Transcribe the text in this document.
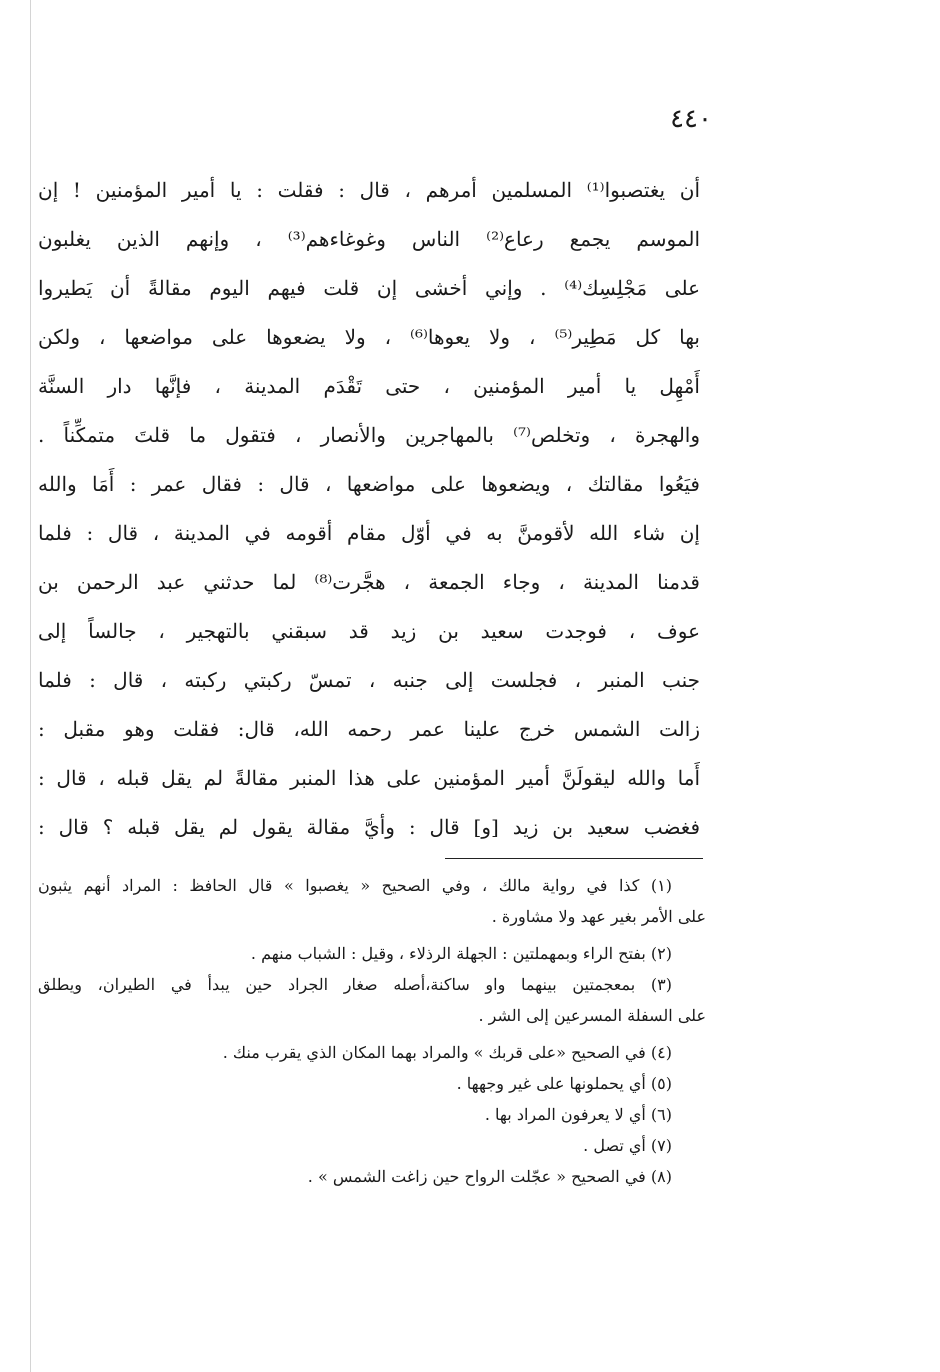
٤٤٠
أن يغتصبوا⁽¹⁾ المسلمين أمرهم ، قال : فقلت : يا أمير المؤمنين ! إن
الموسم يجمع رعاع⁽²⁾ الناس وغوغاءهم⁽³⁾ ، وإنهم الذين يغلبون
على مَجْلِسِك⁽⁴⁾ . وإني أخشى إن قلت فيهم اليوم مقالةً أن يَطيروا
بها كل مَطِير⁽⁵⁾ ، ولا يعوها⁽⁶⁾ ، ولا يضعوها على مواضعها ، ولكن
أَمْهِل يا أمير المؤمنين ، حتى تَقْدَم المدينة ، فإنَّها دار السنَّة
والهجرة ، وتخلص⁽⁷⁾ بالمهاجرين والأنصار ، فتقول ما قلتَ متمكِّناً .
فيَعُوا مقالتك ، ويضعوها على مواضعها ، قال : فقال عمر : أَمَا والله
إن شاء الله لأقومنَّ به في أوّل مقام أقومه في المدينة ، قال : فلما
قدمنا المدينة ، وجاء الجمعة ، هجَّرت⁽⁸⁾ لما حدثني عبد الرحمن بن
عوف ، فوجدت سعيد بن زيد قد سبقني بالتهجير ، جالساً إلى
جنب المنبر ، فجلست إلى جنبه ، تمسّ ركبتي ركبته ، قال : فلما
زالت الشمس خرج علينا عمر رحمه الله، قال: فقلت وهو مقبل :
أَما والله ليقولَنَّ أمير المؤمنين على هذا المنبر مقالةً لم يقل قبله ، قال :
فغضب سعيد بن زيد [و] قال : وأيَّ مقالة يقول لم يقل قبله ؟ قال :
(١) كذا في رواية مالك ، وفي الصحيح « يغصبوا » قال الحافظ : المراد أنهم يثبون
على الأمر بغير عهد ولا مشاورة .
(٢) بفتح الراء وبمهملتين : الجهلة الرذلاء ، وقيل : الشباب منهم .
(٣) بمعجمتين بينهما واو ساكنة،أصله صغار الجراد حين يبدأ في الطيران، ويطلق
على السفلة المسرعين إلى الشر .
(٤) في الصحيح «على قربك » والمراد بهما المكان الذي يقرب منك .
(٥) أي يحملونها على غير وجهها .
(٦) أي لا يعرفون المراد بها .
(٧) أي تصل .
(٨) في الصحيح « عجّلت الرواح حين زاغت الشمس » .
